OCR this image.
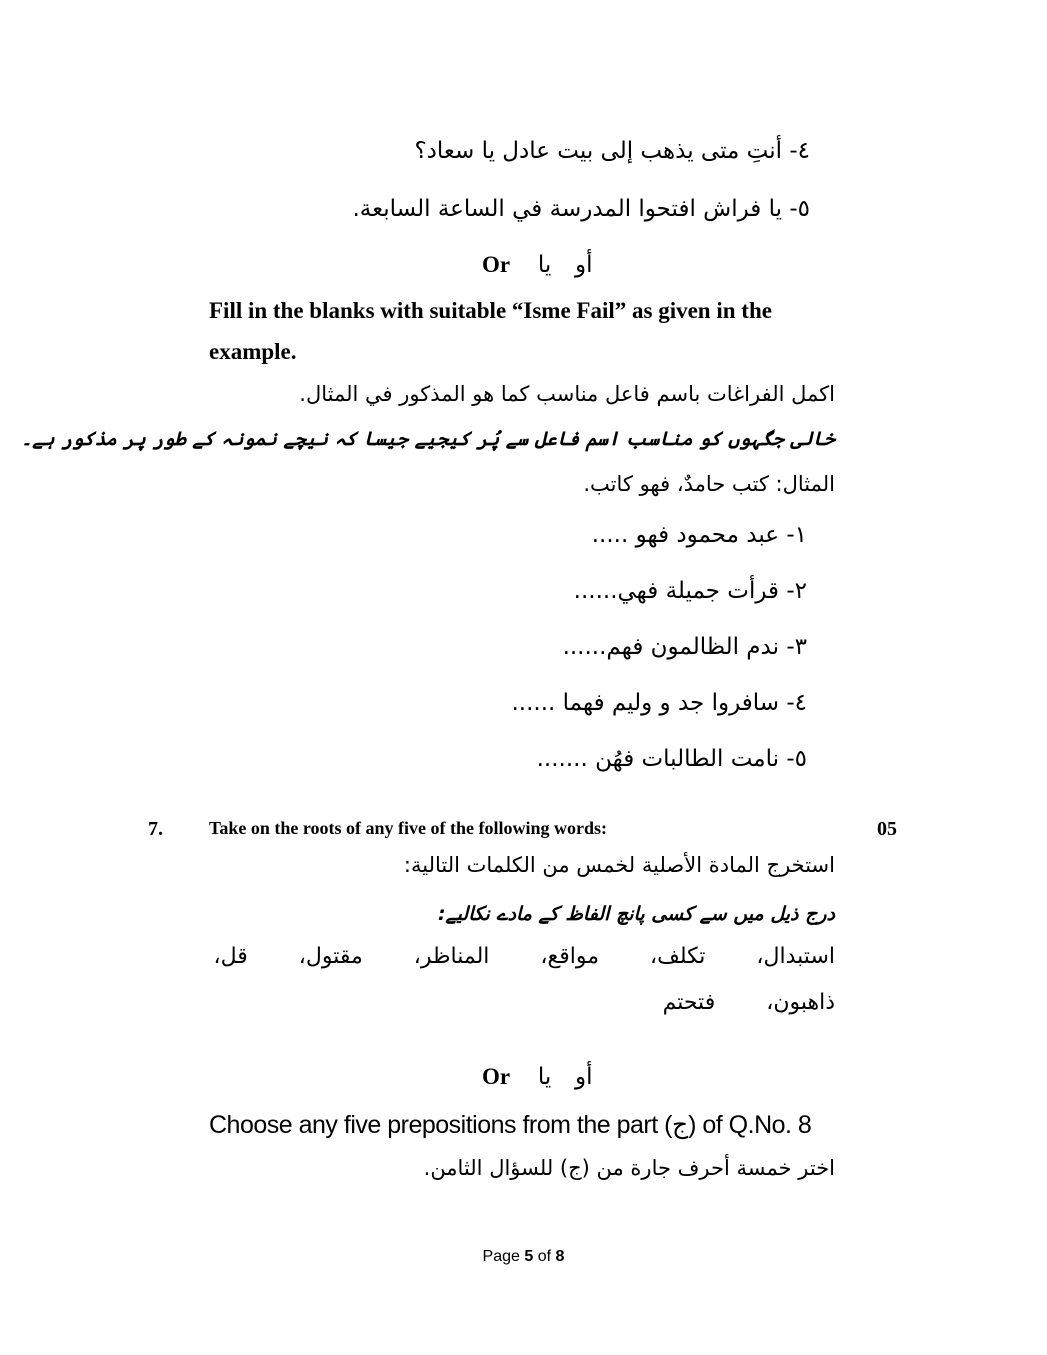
٤- أنتِ متى يذهب إلى بيت عادل يا سعاد؟
٥- يا فراش افتحوا المدرسة في الساعة السابعة.
Or یا أو
Fill in the blanks with suitable “Isme Fail” as given in the
example.
اكمل الفراغات باسم فاعل مناسب كما هو المذكور في المثال.
خالی جگہوں کو مناسب اسم فاعل سے پُر کیجیے جیسا کہ نیچے نمونہ کے طور پر مذکور ہے۔
المثال: كتب حامدٌ، فهو كاتب.
١- عبد محمود فهو .....
٢- قرأت جميلة فهي......
٣- ندم الظالمون فهم......
٤- سافروا جد و وليم فهما ......
٥- نامت الطالبات فهُن .......
7.	Take on the roots of any five of the following words:	05
استخرج المادة الأصلية لخمس من الكلمات التالية:
درج ذیل میں سے کسی پانچ الفاظ کے مادے نکالیے:
استبدال، تكلف، مواقع، المناظر، مقتول، قل،
ذاهبون، فتحتم
Or یا أو
Choose any five prepositions from the part (ج) of Q.No. 8
اختر خمسة أحرف جارة من (ج) للسؤال الثامن.
Page 5 of 8
